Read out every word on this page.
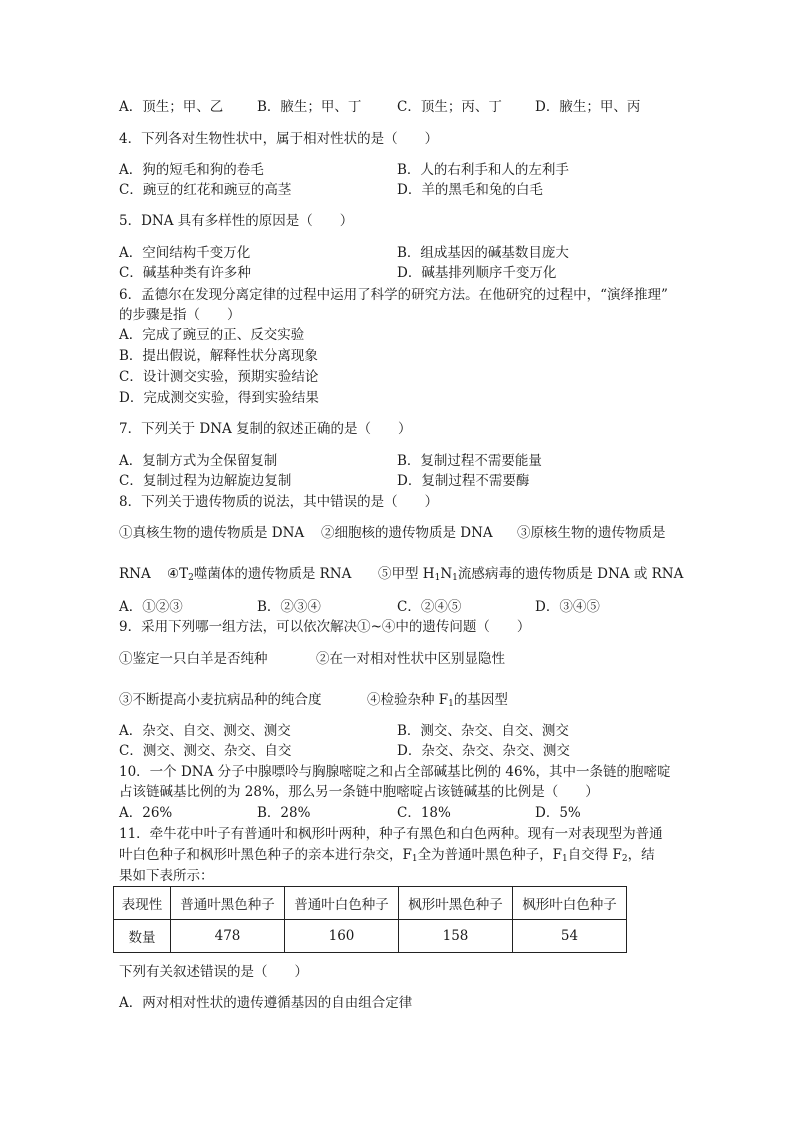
A．顶生；甲、乙	B．腋生；甲、丁	C．顶生；丙、丁 D．腋生；甲、丙
4．下列各对生物性状中，属于相对性状的是（　　）
A．狗的短毛和狗的卷毛	B．人的右利手和人的左利手
C．豌豆的红花和豌豆的高茎	D．羊的黑毛和兔的白毛
5．DNA 具有多样性的原因是（　　）
A．空间结构千变万化	B．组成基因的碱基数目庞大
C．碱基种类有许多种	D．碱基排列顺序千变万化
6．孟德尔在发现分离定律的过程中运用了科学的研究方法。在他研究的过程中，“演绎推理”
的步骤是指（　　）
A．完成了豌豆的正、反交实验
B．提出假说，解释性状分离现象
C．设计测交实验，预期实验结论
D．完成测交实验，得到实验结果
7．下列关于 DNA 复制的叙述正确的是（　　）
A．复制方式为全保留复制	B．复制过程不需要能量
C．复制过程为边解旋边复制	D．复制过程不需要酶
8．下列关于遗传物质的说法，其中错误的是（　　）
①真核生物的遗传物质是 DNA ②细胞核的遗传物质是 DNA ③原核生物的遗传物质是
RNA $④T_2$噬菌体的遗传物质是 RNA ⑤甲型 $H_1N_1$流感病毒的遗传物质是 DNA 或 RNA
A．①②③	B．②③④	C．②④⑤	D．③④⑤
9．采用下列哪一组方法，可以依次解决①~④中的遗传问题（　　）
①鉴定一只白羊是否纯种	②在一对相对性状中区别显隐性
③不断提高小麦抗病品种的纯合度	④检验杂种 $F_1$的基因型
A．杂交、自交、测交、测交	B．测交、杂交、自交、测交
C．测交、测交、杂交、自交	D．杂交、杂交、杂交、测交
10．一个 DNA 分子中腺嘌呤与胸腺嘧啶之和占全部碱基比例的 46%，其中一条链的胞嘧啶
占该链碱基比例的为 28%，那么另一条链中胞嘧啶占该链碱基的比例是（　　）
A．26%	B．28%	C．18%	D．5%
11．牵牛花中叶子有普通叶和枫形叶两种，种子有黑色和白色两种。现有一对表现型为普通
叶白色种子和枫形叶黑色种子的亲本进行杂交，$F_1$全为普通叶黑色种子，$F_1$自交得 $F_2$，结
果如下表所示：
表现性	普通叶黑色种子	普通叶白色种子	枫形叶黑色种子	枫形叶白色种子
数量	478	160	158	54
下列有关叙述错误的是（　　）
A．两对相对性状的遗传遵循基因的自由组合定律
